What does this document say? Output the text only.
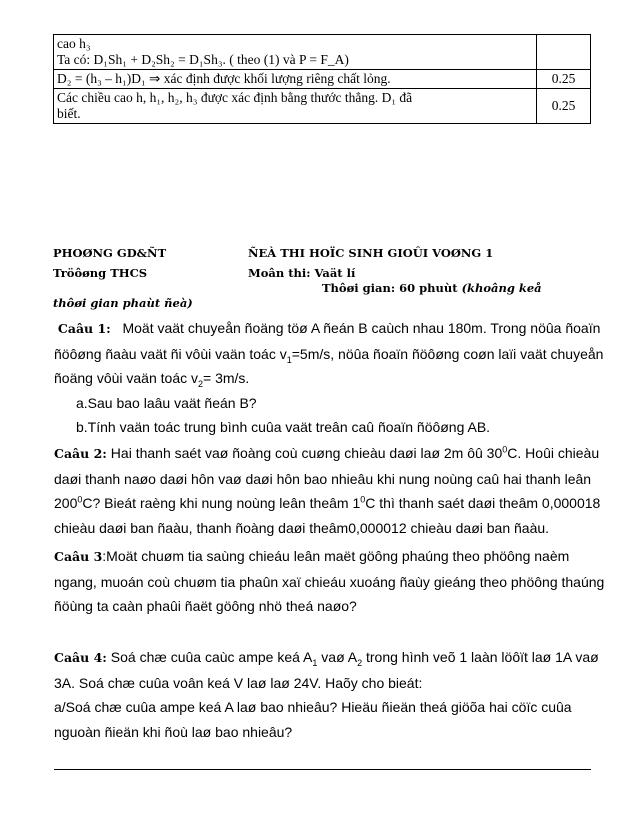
cao h₃
Ta có: D₁Sh₁ + D₂Sh₂ = D₁Sh₃. ( theo (1) và P = F_A)	
D₂ = (h₃ – h₁)D₁ ⇒ xác định được khối lượng riêng chất lỏng.	0.25
Các chiều cao h, h₁, h₂, h₃ được xác định bằng thước thẳng. D₁ đã
biết.	0.25
PHOØNG GD&ÑT
Tröôøng THCS
ÑEÀ THI HOÏC SINH GIOÛI VOØNG 1
Moân thi: Vaät lí
Thôøi gian: 60 phuùt (khoâng keå
thôøi gian phaùt ñeà)
Caâu 1: Moät vaät chuyeån ñoäng töø A ñeán B caùch nhau 180m. Trong nöûa ñoaïn
ñöôøng ñaàu vaät ñi vôùi vaän toác $v_1=5m/s$, nöûa ñoaïn ñöôøng coøn laïi vaät chuyeån
ñoäng vôùi vaän toác $v_2= 3m/s$.
a.Sau bao laâu vaät ñeán B?
b.Tính vaän toác trung bình cuûa vaät treân caû ñoaïn ñöôøng AB.
Caâu 2: Hai thanh saét vaø ñoàng coù cuøng chieàu daøi laø 2m ôû $30^0C$. Hoûi chieàu
daøi thanh naøo daøi hôn vaø daøi hôn bao nhieâu khi nung noùng caû hai thanh leân
$200^0C$? Bieát raèng khi nung noùng leân theâm $1^0C$ thì thanh saét daøi theâm 0,000018
chieàu daøi ban ñaàu, thanh ñoàng daøi theâm0,000012 chieàu daøi ban ñaàu.
Caâu 3:Moät chuøm tia saùng chieáu leân maët göông phaúng theo phöông naèm
ngang, muoán coù chuøm tia phaûn xaï chieáu xuoáng ñaùy gieáng theo phöông thaúng
ñöùng ta caàn phaûi ñaët göông nhö theá naøo?
Caâu 4: Soá chæ cuûa caùc ampe keá $A_1$ vaø $A_2$ trong hình veõ 1 laàn löôït laø 1A vaø
3A. Soá chæ cuûa voân keá V laø laø 24V. Haõy cho bieát:
a/Soá chæ cuûa ampe keá A laø bao nhieâu? Hieäu ñieän theá giöõa hai cöïc cuûa
nguoàn ñieän khi ñoù laø bao nhieâu?
